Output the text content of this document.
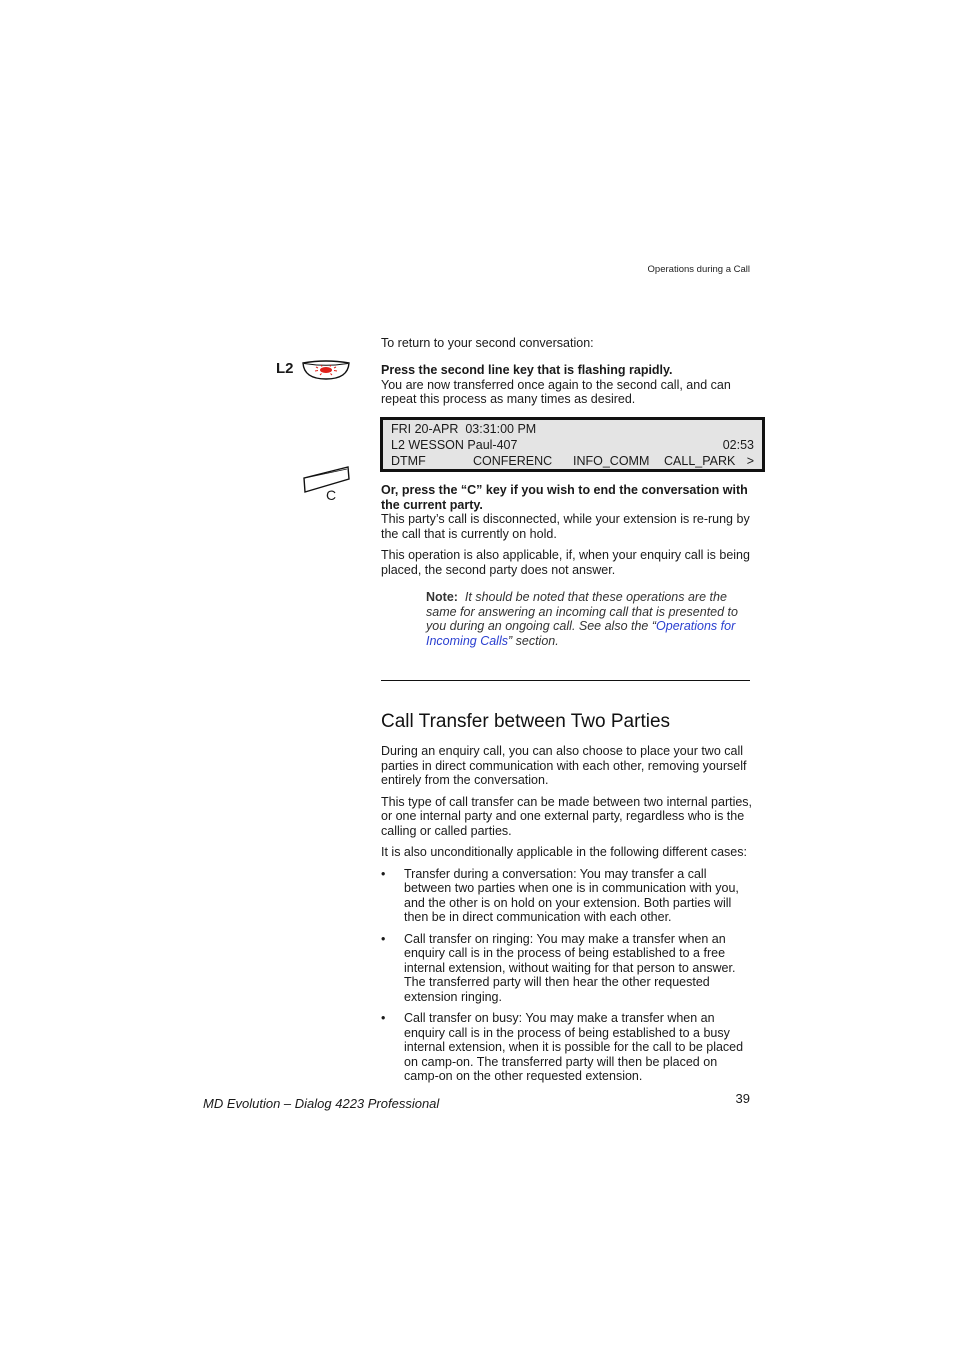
Operations during a Call

To return to your second conversation:

L2	Press the second line key that is flashing rapidly.

You are now transferred once again to the second call, and can repeat this process as many times as desired.

FRI 20-APR  03:31:00 PM
L2 WESSON Paul-407	02:53
DTMF	CONFERENC INFO_COMM CALL_PARK >
C	Or, press the “C” key if you wish to end the conversation with the current party.

This party’s call is disconnected, while your extension is re-rung by the call that is currently on hold.

This operation is also applicable, if, when your enquiry call is being placed, the second party does not answer.

Note: It should be noted that these operations are the same for answering an incoming call that is presented to you during an ongoing call. See also the “Operations for Incoming Calls” section.
Call Transfer between Two Parties

During an enquiry call, you can also choose to place your two call parties in direct communication with each other, removing yourself entirely from the conversation.

This type of call transfer can be made between two internal parties, or one internal party and one external party, regardless who is the calling or called parties.

It is also unconditionally applicable in the following different cases:

• Transfer during a conversation: You may transfer a call between two parties when one is in communication with you, and the other is on hold on your extension. Both parties will then be in direct communication with each other.
• Call transfer on ringing: You may make a transfer when an enquiry call is in the process of being established to a free internal extension, without waiting for that person to answer. The transferred party will then hear the other requested extension ringing.
• Call transfer on busy: You may make a transfer when an enquiry call is in the process of being established to a busy internal extension, when it is possible for the call to be placed on camp-on. The transferred party will then be placed on camp-on on the other requested extension.
MD Evolution – Dialog 4223 Professional	39
